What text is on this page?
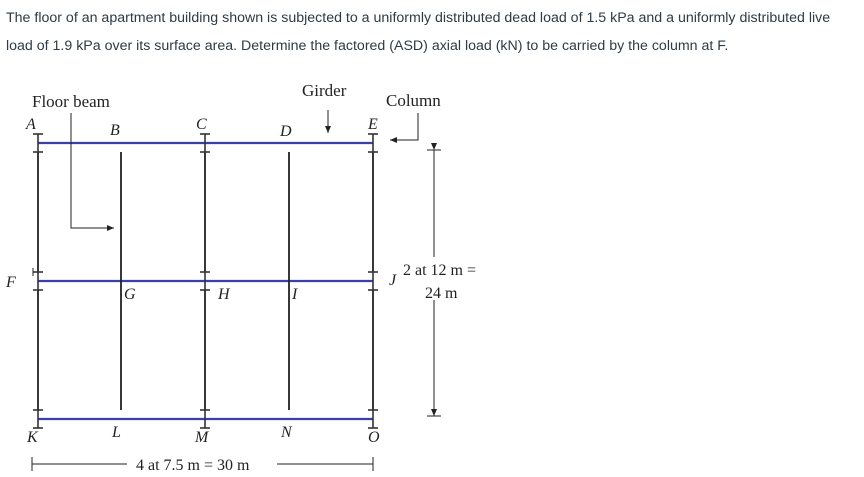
The floor of an apartment building shown is subjected to a uniformly distributed dead load of 1.5 kPa and a uniformly distributed live load of 1.9 kPa over its surface area. Determine the factored (ASD) axial load (kN) to be carried by the column at F.

Floor beam
Girder
Column
2 at 12 m =
24 m
4 at 7.5 m = 30 m
A	B	C	D	E
F
G	H	I
J
K	L	M	N	O
